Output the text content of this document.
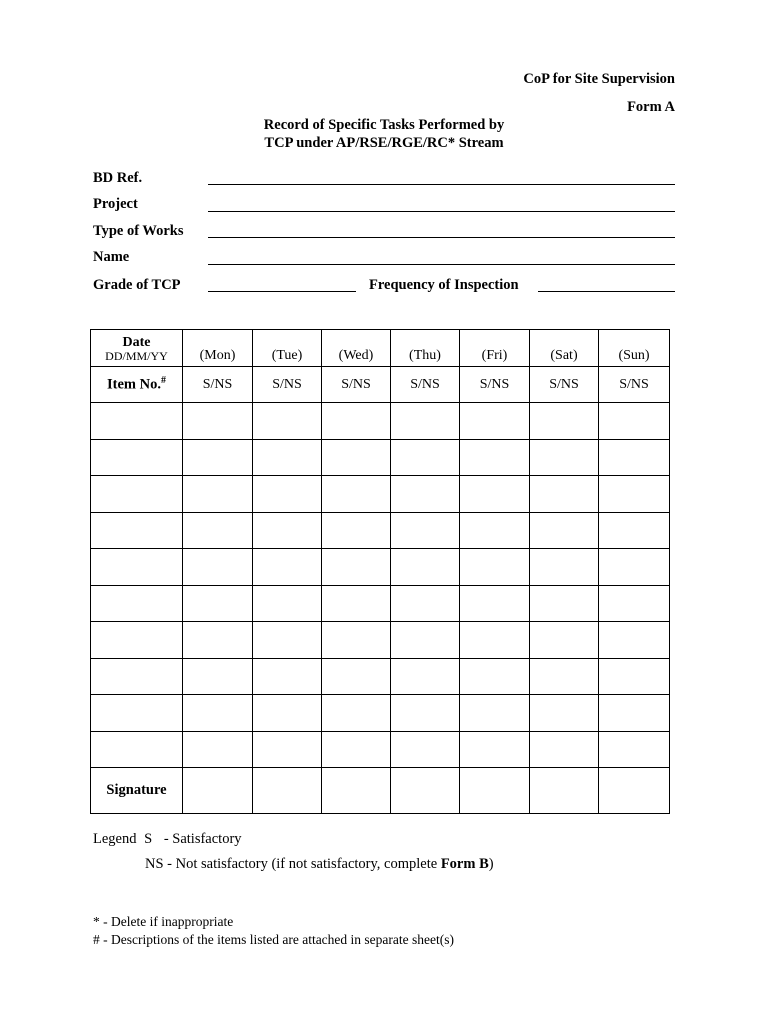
CoP for Site Supervision
Form A
Record of Specific Tasks Performed by
TCP under AP/RSE/RGE/RC* Stream
BD Ref.
Project
Type of Works
Name
Grade of TCP	Frequency of Inspection
Date
DD/MM/YY	(Mon)	(Tue)	(Wed)	(Thu)	(Fri)	(Sat)	(Sun)

Item No.#	S/NS	S/NS	S/NS	S/NS	S/NS	S/NS	S/NS

Signature							
Legend S - Satisfactory
NS - Not satisfactory (if not satisfactory, complete Form B)
* - Delete if inappropriate
# - Descriptions of the items listed are attached in separate sheet(s)
